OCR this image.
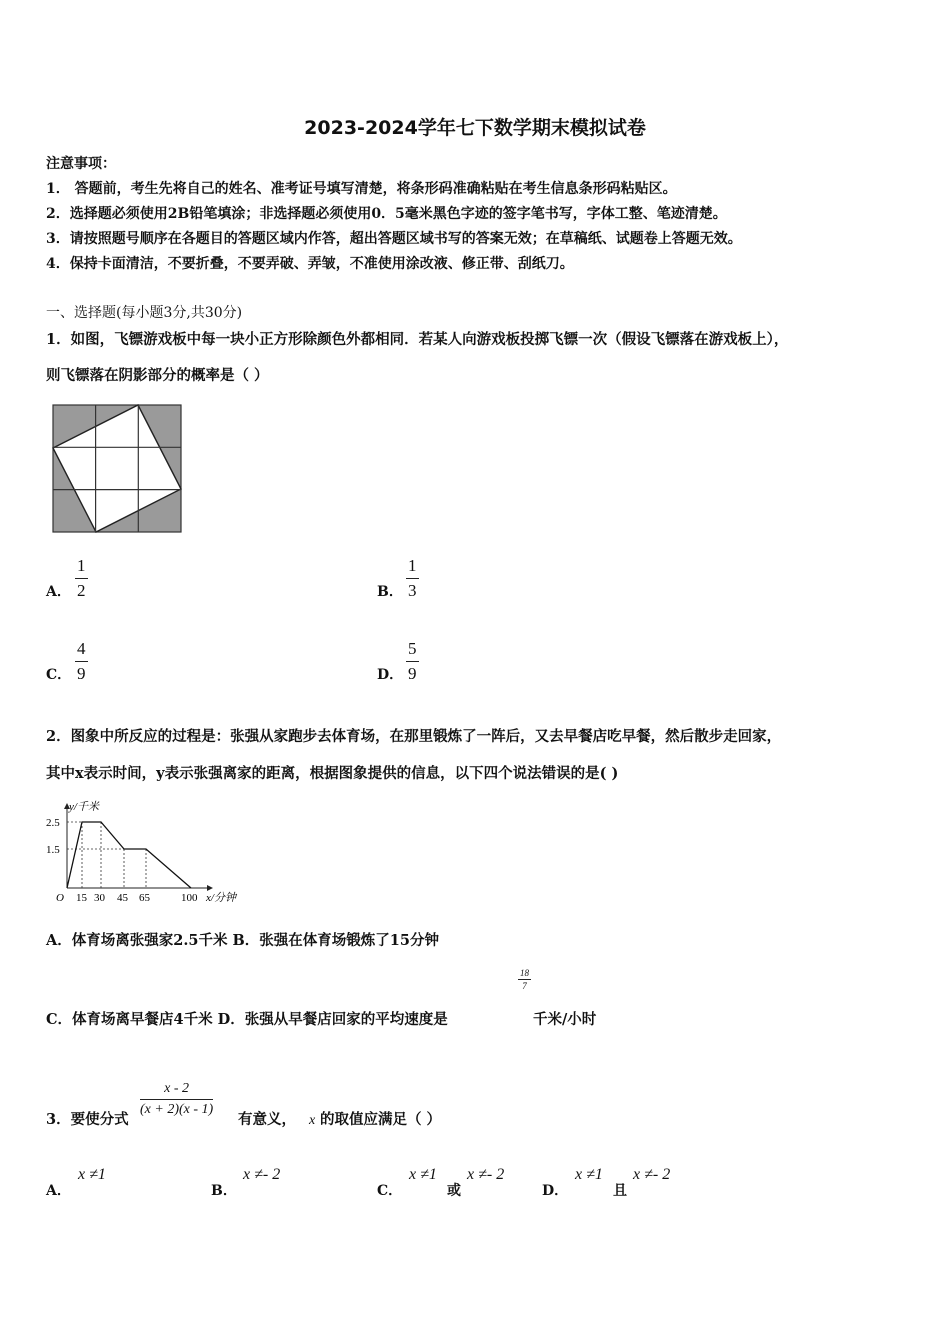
2023-2024学年七下数学期末模拟试卷
注意事项：
1． 答题前，考生先将自己的姓名、准考证号填写清楚，将条形码准确粘贴在考生信息条形码粘贴区。
2．选择题必须使用2B铅笔填涂；非选择题必须使用0．5毫米黑色字迹的签字笔书写，字体工整、笔迹清楚。
3．请按照题号顺序在各题目的答题区域内作答，超出答题区域书写的答案无效；在草稿纸、试题卷上答题无效。
4．保持卡面清洁，不要折叠，不要弄破、弄皱，不准使用涂改液、修正带、刮纸刀。
一、选择题(每小题3分,共30分)
1．如图，飞镖游戏板中每一块小正方形除颜色外都相同．若某人向游戏板投掷飞镖一次（假设飞镖落在游戏板上），
则飞镖落在阴影部分的概率是（ ）
A．
1
2	B．
1
3
C．
4
9	D．
5
9
2．图象中所反应的过程是：张强从家跑步去体育场，在那里锻炼了一阵后，又去早餐店吃早餐，然后散步走回家，
其中x表示时间，y表示张强离家的距离，根据图象提供的信息，以下四个说法错误的是( )
y/千米
2.5
1.5
O 15 30 45 65	100 x/分钟
A．体育场离张强家2.5千米 B．张强在体育场锻炼了15分钟
18
7
C．体育场离早餐店4千米 D．张强从早餐店回家的平均速度是	千米/小时
3．要使分式
x - 2
(x + 2)(x - 1)
有意义， x 的取值应满足（ ）
A．
x ≠1
B．
x ≠- 2
C．
x ≠1
或
x ≠- 2
D．
x ≠1
且
x ≠- 2
